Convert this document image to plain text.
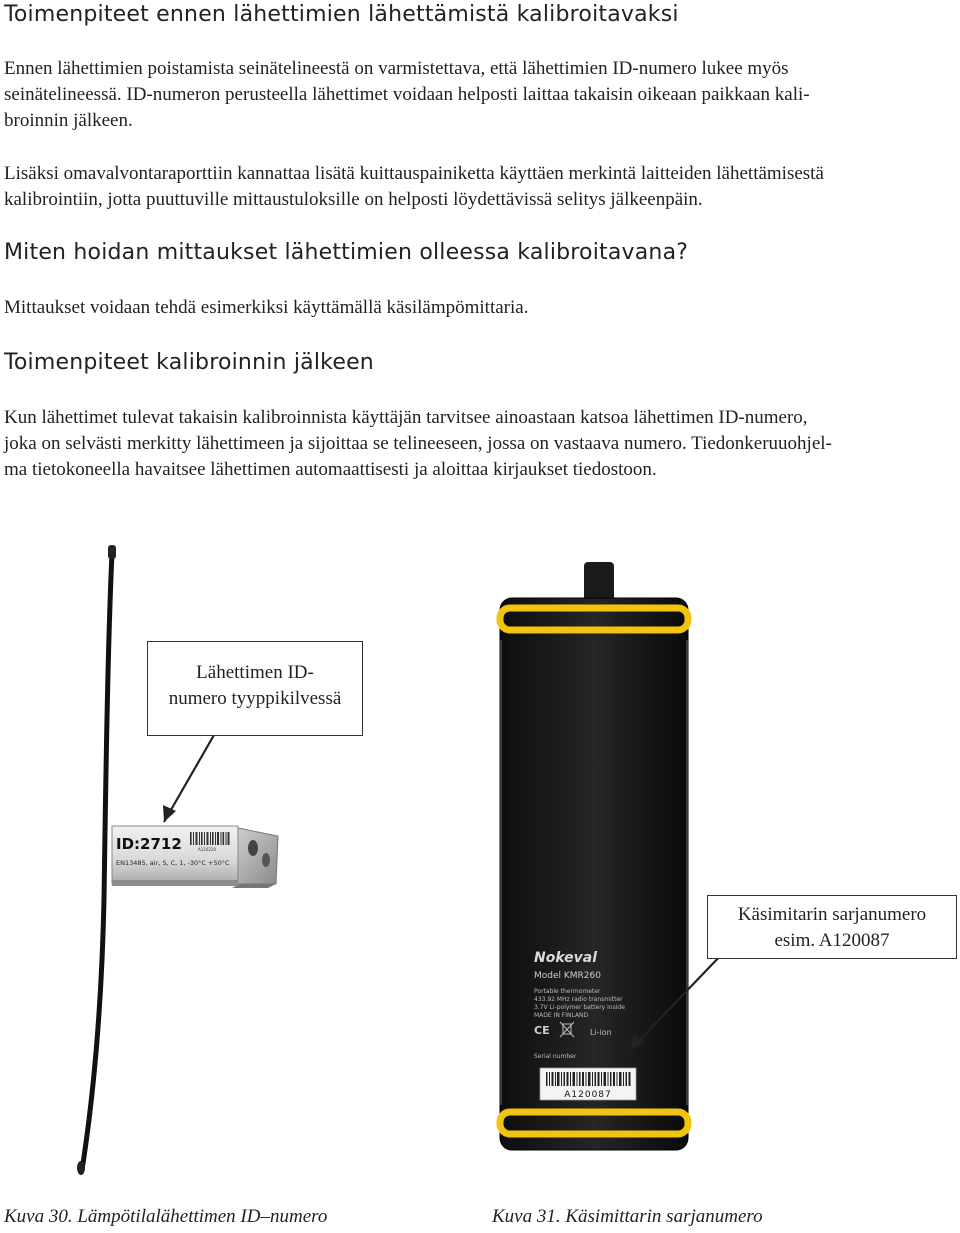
Toimenpiteet ennen lähettimien lähettämistä kalibroitavaksi
Ennen lähettimien poistamista seinätelineestä on varmistettava, että lähettimien ID-numero lukee myös
seinätelineessä. ID-numeron perusteella lähettimet voidaan helposti laittaa takaisin oikeaan paikkaan kali-
broinnin jälkeen.
Lisäksi omavalvontaraporttiin kannattaa lisätä kuittauspainiketta käyttäen merkintä laitteiden lähettämisestä
kalibrointiin, jotta puuttuville mittaustuloksille on helposti löydettävissä selitys jälkeenpäin.
Miten hoidan mittaukset lähettimien olleessa kalibroitavana?
Mittaukset voidaan tehdä esimerkiksi käyttämällä käsilämpömittaria.
Toimenpiteet kalibroinnin jälkeen
Kun lähettimet tulevat takaisin kalibroinnista käyttäjän tarvitsee ainoastaan katsoa lähettimen ID-numero,
joka on selvästi merkitty lähettimeen ja sijoittaa se telineeseen, jossa on vastaava numero. Tiedonkeruuohjel-
ma tietokoneella havaitsee lähettimen automaattisesti ja aloittaa kirjaukset tiedostoon.
ID:2712	A116220
EN13485, air, S, C, 1, -30°C +50°C
Nokeval
Model KMR260
Portable thermometer
433.92 MHz radio transmitter
3.7V Li-polymer battery inside
MADE IN FINLAND
CE	Li-ion
Serial number
A120087
Lähettimen ID-
numero tyyppikilvessä
Käsimitarin sarjanumero
esim. A120087
Kuva 30. Lämpötilalähettimen ID–numero	Kuva 31. Käsimittarin sarjanumero
